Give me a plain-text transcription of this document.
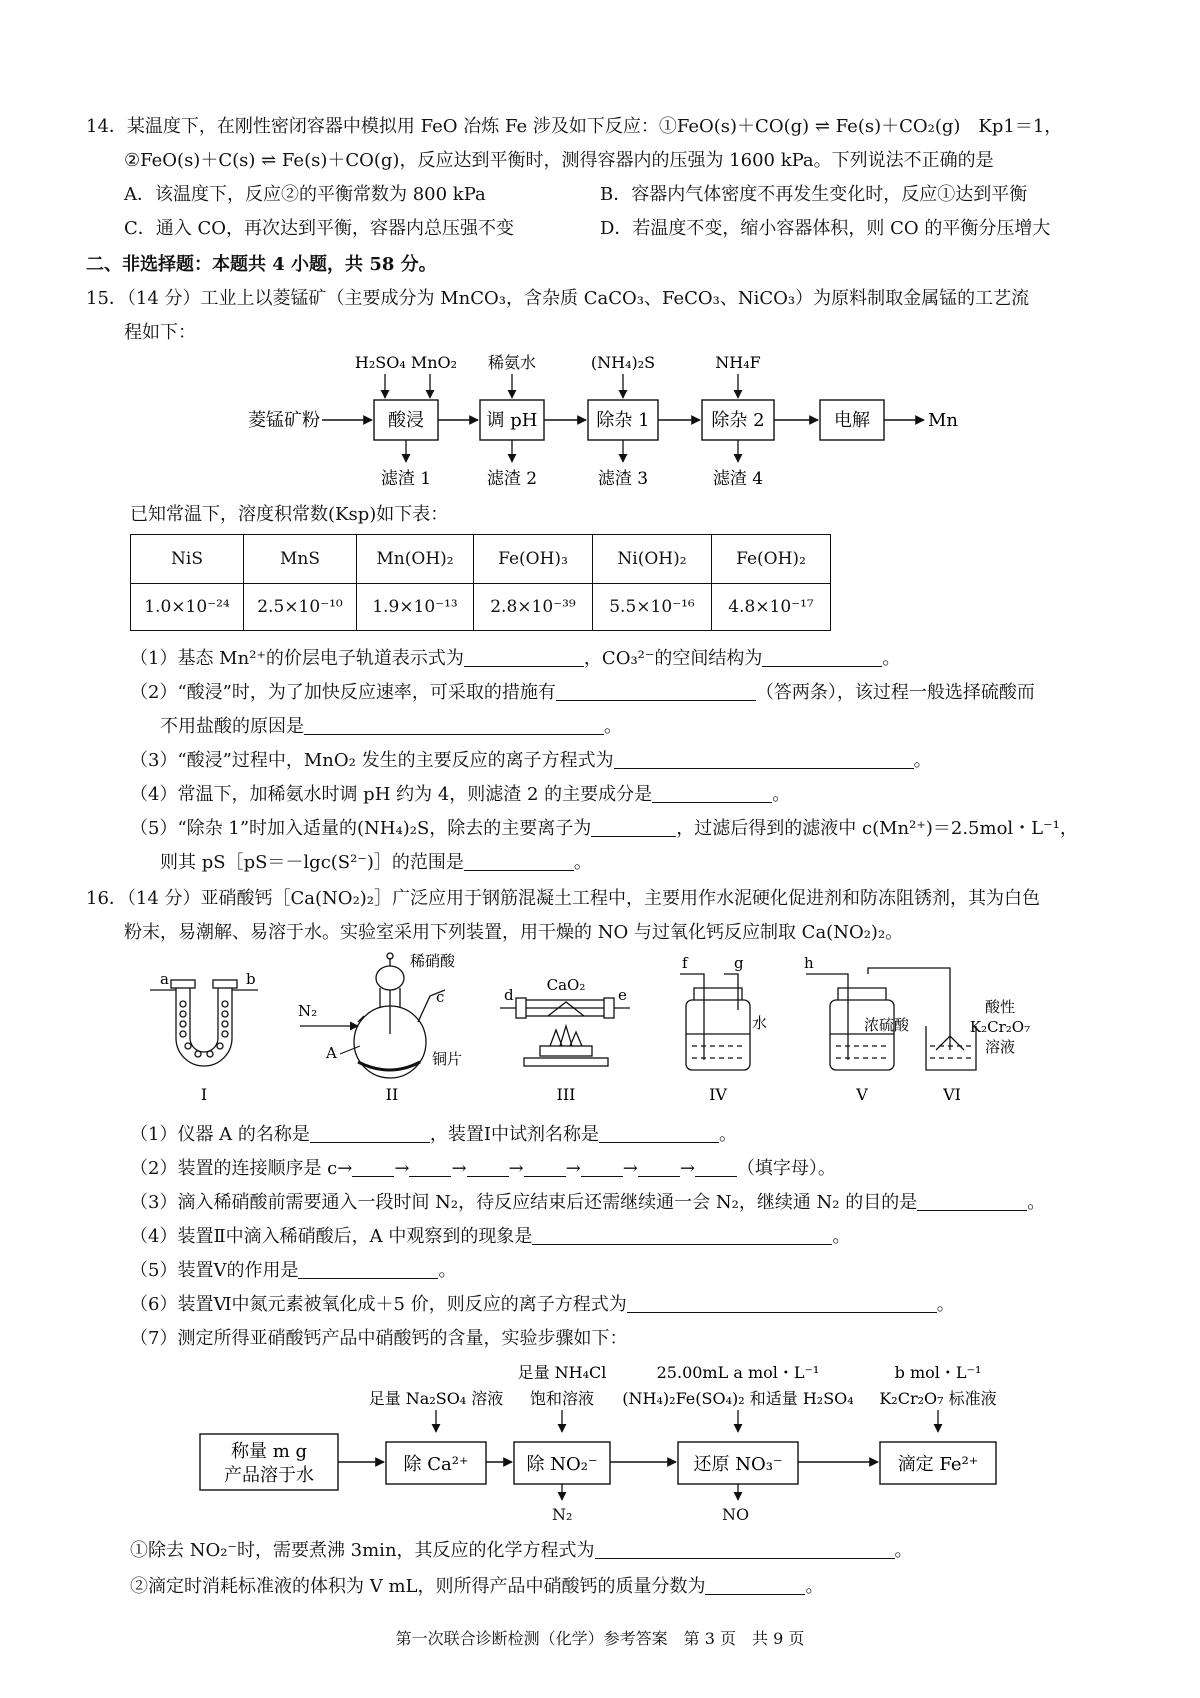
14．某温度下，在刚性密闭容器中模拟用 FeO 冶炼 Fe 涉及如下反应：①FeO(s)＋CO(g) ⇌ Fe(s)＋CO₂(g)　Kp1＝1，
②FeO(s)＋C(s) ⇌ Fe(s)＋CO(g)，反应达到平衡时，测得容器内的压强为 1600 kPa。下列说法不正确的是
A．该温度下，反应②的平衡常数为 800 kPa	B．容器内气体密度不再发生变化时，反应①达到平衡
C．通入 CO，再次达到平衡，容器内总压强不变	D．若温度不变，缩小容器体积，则 CO 的平衡分压增大
二、非选择题：本题共 4 小题，共 58 分。
15．（14 分）工业上以菱锰矿（主要成分为 MnCO₃，含杂质 CaCO₃、FeCO₃、NiCO₃）为原料制取金属锰的工艺流
程如下：
菱锰矿粉	酸浸	调 pH	除杂 1	除杂 2	电解	Mn
H₂SO₄ MnO₂ 稀氨水	(NH₄)₂S	NH₄F
滤渣 1	滤渣 2	滤渣 3	滤渣 4
已知常温下，溶度积常数(Ksp)如下表：
NiS	MnS	Mn(OH)₂	Fe(OH)₃	Ni(OH)₂	Fe(OH)₂
1.0×10⁻²⁴	2.5×10⁻¹⁰	1.9×10⁻¹³	2.8×10⁻³⁹	5.5×10⁻¹⁶	4.8×10⁻¹⁷
（1）基态 Mn²⁺的价层电子轨道表示式为	，CO₃²⁻的空间结构为	。
（2）“酸浸”时，为了加快反应速率，可采取的措施有	（答两条），该过程一般选择硫酸而
不用盐酸的原因是	。
（3）“酸浸”过程中，MnO₂ 发生的主要反应的离子方程式为	。
（4）常温下，加稀氨水时调 pH 约为 4，则滤渣 2 的主要成分是	。
（5）“除杂 1”时加入适量的(NH₄)₂S，除去的主要离子为	，过滤后得到的滤液中 c(Mn²⁺)＝2.5mol・L⁻¹，
则其 pS［pS＝－lgc(S²⁻)］的范围是	。
16．（14 分）亚硝酸钙［Ca(NO₂)₂］广泛应用于钢筋混凝土工程中，主要用作水泥硬化促进剂和防冻阻锈剂，其为白色
粉末，易潮解、易溶于水。实验室采用下列装置，用干燥的 NO 与过氧化钙反应制取 Ca(NO₂)₂。
a	b
I
N₂
稀硝酸
c
A	铜片
II
d
CaO₂
e
III
f	g
水
IV
h
浓硫酸
酸性
K₂Cr₂O₇
溶液
V	VI
（1）仪器 A 的名称是	，装置Ⅰ中试剂名称是	。
（2）装置的连接顺序是 c→ → → → → → → （填字母）。
（3）滴入稀硝酸前需要通入一段时间 N₂，待反应结束后还需继续通一会 N₂，继续通 N₂ 的目的是	。
（4）装置Ⅱ中滴入稀硝酸后，A 中观察到的现象是	。
（5）装置Ⅴ的作用是	。
（6）装置Ⅵ中氮元素被氧化成＋5 价，则反应的离子方程式为	。
（7）测定所得亚硝酸钙产品中硝酸钙的含量，实验步骤如下：
足量 NH₄Cl	25.00mL a mol・L⁻¹	b mol・L⁻¹
足量 Na₂SO₄ 溶液 饱和溶液 (NH₄)₂Fe(SO₄)₂ 和适量 H₂SO₄ K₂Cr₂O₇ 标准液
称量 m g
产品溶于水
除 Ca²⁺	除 NO₂⁻	还原 NO₃⁻	滴定 Fe²⁺
N₂	NO
①除去 NO₂⁻时，需要煮沸 3min，其反应的化学方程式为	。
②滴定时消耗标准液的体积为 V mL，则所得产品中硝酸钙的质量分数为	。
第一次联合诊断检测（化学）参考答案　第 3 页　共 9 页
